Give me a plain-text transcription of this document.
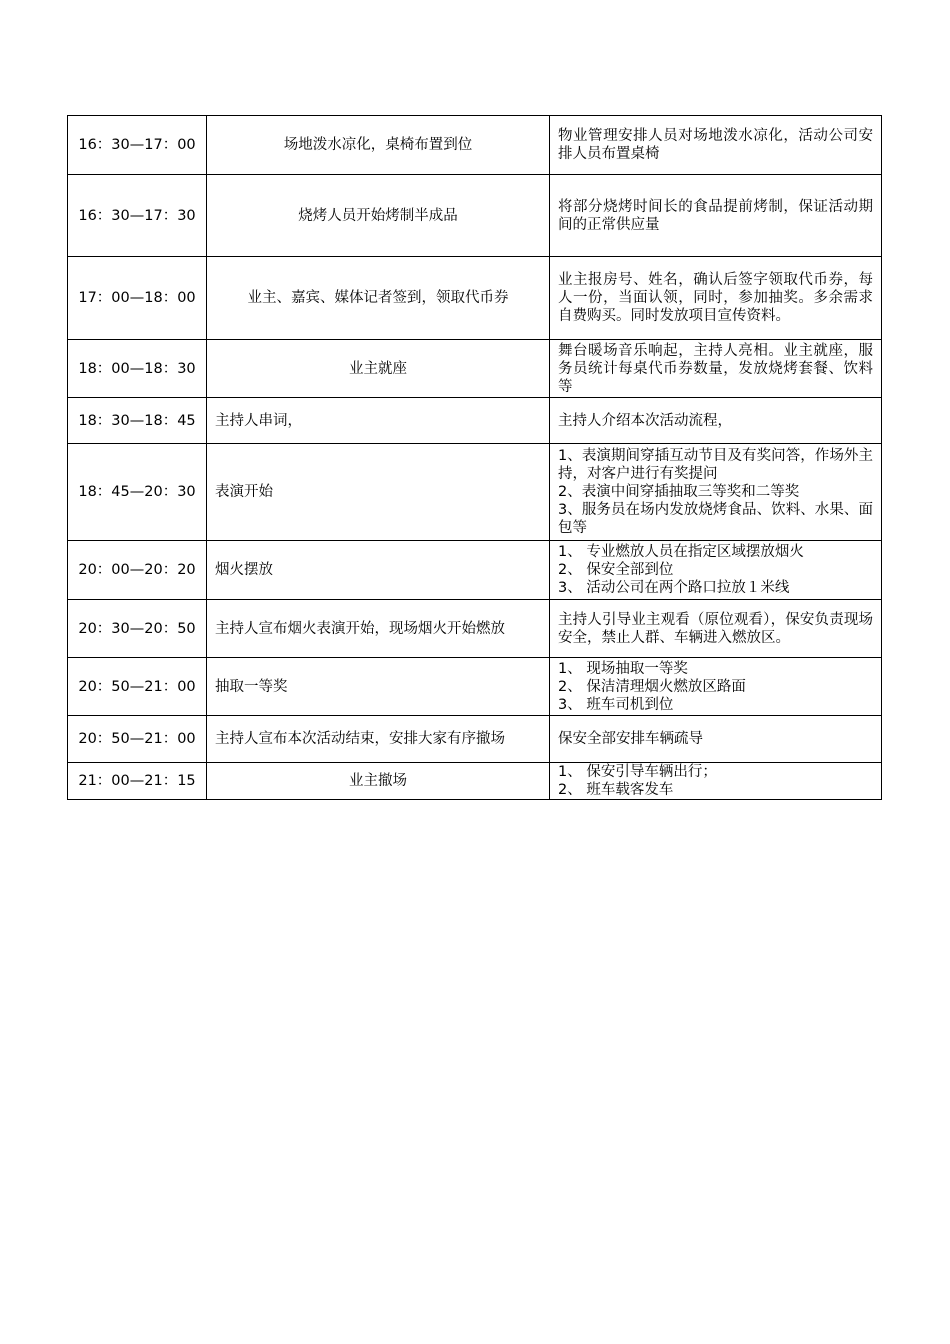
16：30—17：00	场地泼水凉化，桌椅布置到位	物业管理安排人员对场地泼水凉化，活动公司安排人员布置桌椅

16：30—17：30	烧烤人员开始烤制半成品	将部分烧烤时间长的食品提前烤制，保证活动期间的正常供应量

17：00—18：00	业主、嘉宾、媒体记者签到，领取代币券	业主报房号、姓名，确认后签字领取代币券，每人一份，当面认领，同时，参加抽奖。多余需求自费购买。同时发放项目宣传资料。

18：00—18：30	业主就座	舞台暖场音乐响起，主持人亮相。业主就座，服务员统计每桌代币券数量，发放烧烤套餐、饮料等

18：30—18：45	主持人串词，	主持人介绍本次活动流程，

18：45—20：30	表演开始	1、表演期间穿插互动节目及有奖问答，作场外主持，对客户进行有奖提问
2、表演中间穿插抽取三等奖和二等奖
3、服务员在场内发放烧烤食品、饮料、水果、面包等

20：00—20：20	烟火摆放	1、 专业燃放人员在指定区域摆放烟火
2、 保安全部到位
3、 活动公司在两个路口拉放１米线

20：30—20：50	主持人宣布烟火表演开始，现场烟火开始燃放	主持人引导业主观看（原位观看），保安负责现场安全，禁止人群、车辆进入燃放区。

20：50—21：00	抽取一等奖	1、 现场抽取一等奖
2、 保洁清理烟火燃放区路面
3、 班车司机到位

20：50—21：00	主持人宣布本次活动结束，安排大家有序撤场	保安全部安排车辆疏导

21：00—21：15	业主撤场	1、 保安引导车辆出行；
2、 班车载客发车
